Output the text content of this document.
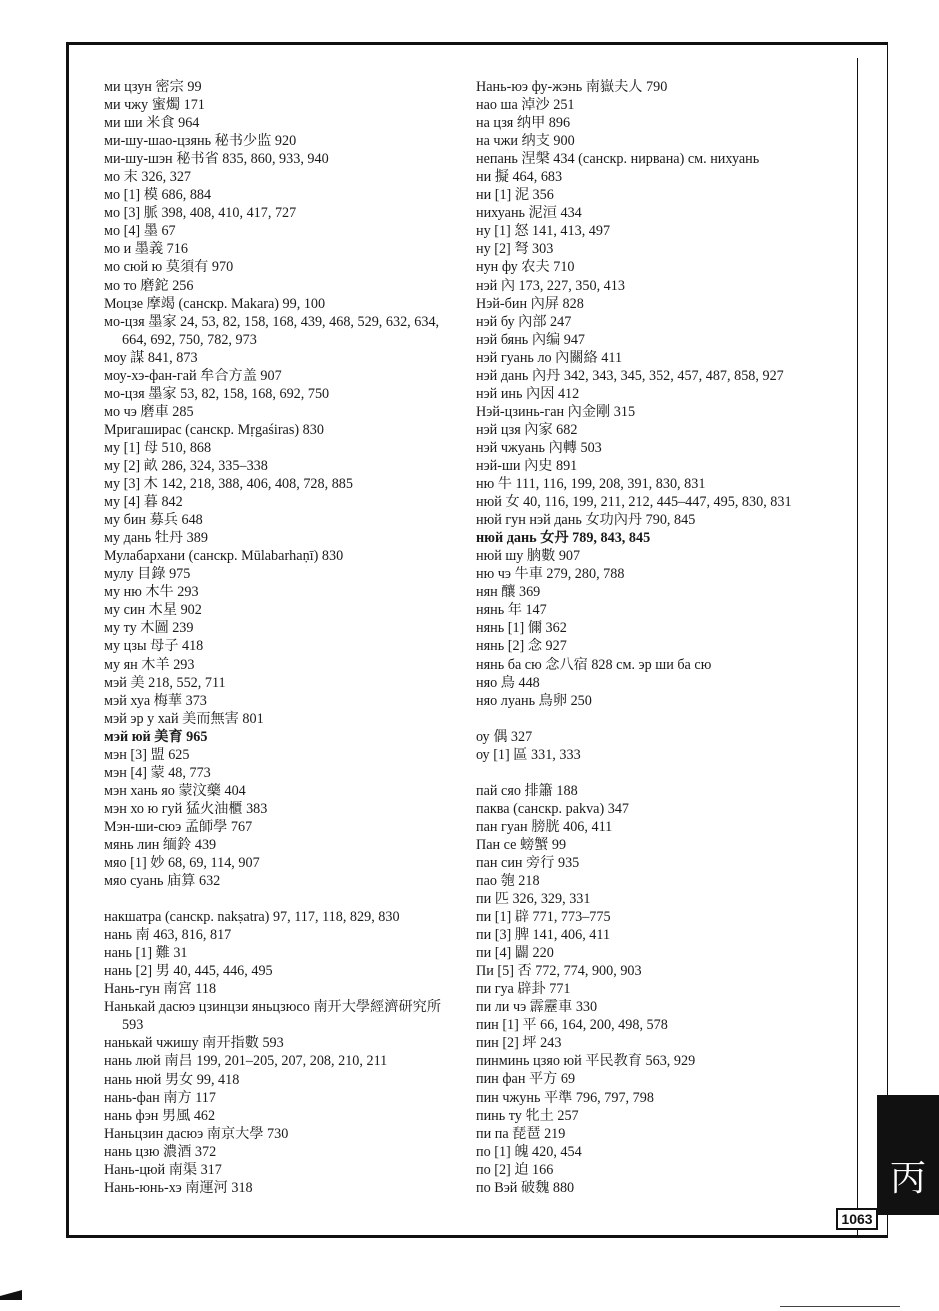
ми цзун 密宗 99
ми чжу 蜜燭 171
ми ши 米食 964
ми-шу-шао-цзянь 秘书少监 920
ми-шу-шэн 秘书省 835, 860, 933, 940
мо 末 326, 327
мо [1] 模 686, 884
мо [3] 脈 398, 408, 410, 417, 727
мо [4] 墨 67
мо и 墨義 716
мо сюй ю 莫須有 970
мо то 磨鉈 256
Моцзе 摩竭 (санскр. Makara) 99, 100
мо-цзя 墨家 24, 53, 82, 158, 168, 439, 468, 529, 632, 634, 664, 692, 750, 782, 973
моу 謀 841, 873
моу-хэ-фан-гай 牟合方盖 907
мо-цзя 墨家 53, 82, 158, 168, 692, 750
мо чэ 磨車 285
Мригаширас (санскр. Mṛgaśiras) 830
му [1] 母 510, 868
му [2] 畝 286, 324, 335–338
му [3] 木 142, 218, 388, 406, 408, 728, 885
му [4] 暮 842
му бин 募兵 648
му дань 牡丹 389
Мулабархани (санскр. Mūlabarhaṇī) 830
мулу 目錄 975
му ню 木牛 293
му син 木星 902
му ту 木圖 239
му цзы 母子 418
му ян 木羊 293
мэй 美 218, 552, 711
мэй хуа 梅華 373
мэй эр у хай 美而無害 801
мэй юй 美育 965
мэн [3] 盟 625
мэн [4] 蒙 48, 773
мэн хань яо 蒙汶藥 404
мэн хо ю гуй 猛火油櫃 383
Мэн-ши-сюэ 孟師學 767
мянь лин 缅鈴 439
мяо [1] 妙 68, 69, 114, 907
мяо суань 庙算 632
накшатра (санскр. nakṣatra) 97, 117, 118, 829, 830
нань 南 463, 816, 817
нань [1] 難 31
нань [2] 男 40, 445, 446, 495
Нань-гун 南宮 118
Нанькай дасюэ цзинцзи яньцзюсо 南开大學經濟研究所 593
нанькай чжишу 南开指數 593
нань люй 南吕 199, 201–205, 207, 208, 210, 211
нань нюй 男女 99, 418
нань-фан 南方 117
нань фэн 男風 462
Наньцзин дасюэ 南京大學 730
нань цзю 濃酒 372
Нань-цюй 南渠 317
Нань-юнь-хэ 南運河 318
Нань-юэ фу-жэнь 南嶽夫人 790
нао ша 淖沙 251
на цзя 纳甲 896
на чжи 纳支 900
непань 涅槃 434 (санскр. нирвана) см. нихуань
ни 擬 464, 683
ни [1] 泥 356
нихуань 泥洹 434
ну [1] 怒 141, 413, 497
ну [2] 弩 303
нун фу 农夫 710
нэй 內 173, 227, 350, 413
Нэй-бин 內屏 828
нэй бу 內部 247
нэй бянь 內编 947
нэй гуань ло 內關絡 411
нэй дань 內丹 342, 343, 345, 352, 457, 487, 858, 927
нэй инь 內因 412
Нэй-цзинь-ган 內金剛 315
нэй цзя 內家 682
нэй чжуань 內轉 503
нэй-ши 內史 891
ню 牛 111, 116, 199, 208, 391, 830, 831
нюй 女 40, 116, 199, 211, 212, 445–447, 495, 830, 831
нюй гун нэй дань 女功內丹 790, 845
нюй дань 女丹 789, 843, 845
нюй шу 朒數 907
ню чэ 牛車 279, 280, 788
нян 釀 369
нянь 年 147
нянь [1] 儞 362
нянь [2] 念 927
нянь ба сю 念八宿 828 см. эр ши ба сю
няо 鳥 448
няо луань 鳥卵 250
оу 偶 327
оу [1] 區 331, 333
пай сяо 排簫 188
паква (санскр. pakva) 347
пан гуан 膀胱 406, 411
Пан се 螃蟹 99
пан син 旁行 935
пао 匏 218
пи 匹 326, 329, 331
пи [1] 辟 771, 773–775
пи [3] 脾 141, 406, 411
пи [4] 闢 220
Пи [5] 否 772, 774, 900, 903
пи гуа 辟卦 771
пи ли чэ 霹靂車 330
пин [1] 平 66, 164, 200, 498, 578
пин [2] 坪 243
пинминь цзяо юй 平民教育 563, 929
пин фан 平方 69
пин чжунь 平準 796, 797, 798
пинь ту 牝土 257
пи па 琵琶 219
по [1] 魄 420, 454
по [2] 迫 166
по Вэй 破魏 880	丙
1063
